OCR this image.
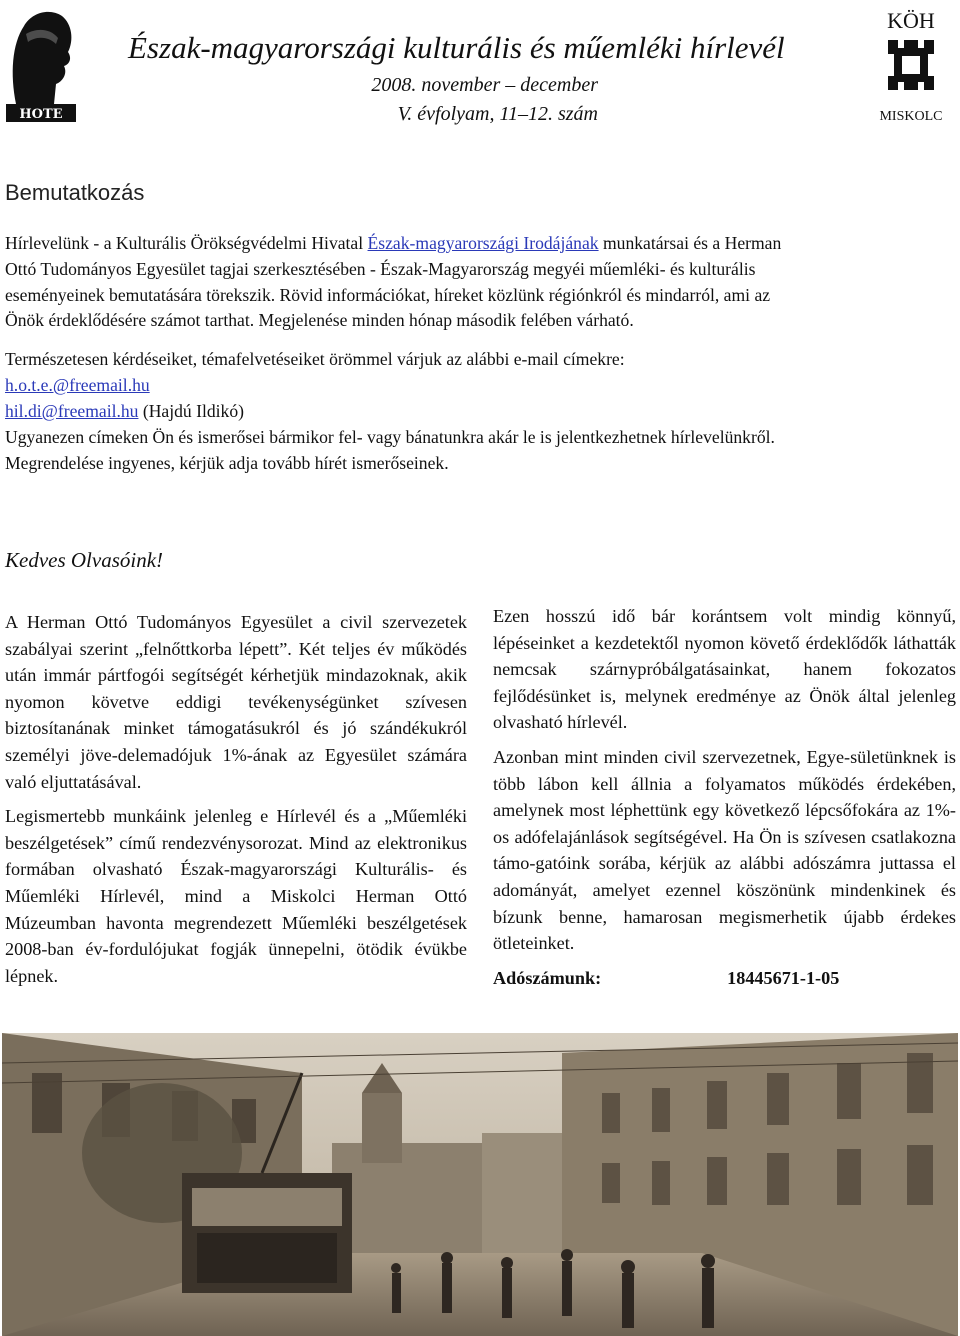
HOTE
Észak-magyarországi kulturális és műemléki hírlevél
2008. november – december
V. évfolyam, 11–12. szám
KÖH
MISKOLC
Bemutatkozás
Hírlevelünk - a Kulturális Örökségvédelmi Hivatal Észak-magyarországi Irodájának munkatársai és a Herman
Ottó Tudományos Egyesület tagjai szerkesztésében - Észak-Magyarország megyéi műemléki- és kulturális
eseményeinek bemutatására törekszik. Rövid információkat, híreket közlünk régiónkról és mindarról, ami az
Önök érdeklődésére számot tarthat. Megjelenése minden hónap második felében várható.
Természetesen kérdéseiket, témafelvetéseiket örömmel várjuk az alábbi e-mail címekre:
h.o.t.e.@freemail.hu
hil.di@freemail.hu (Hajdú Ildikó)
Ugyanezen címeken Ön és ismerősei bármikor fel- vagy bánatunkra akár le is jelentkezhetnek hírlevelünkről.
Megrendelése ingyenes, kérjük adja tovább hírét ismerőseinek.
Kedves Olvasóink!

A Herman Ottó Tudományos Egyesület a civil szervezetek szabályai szerint „felnőttkorba lépett”. Két teljes év működés után immár pártfogói segítségét kérhetjük mindazoknak, akik nyomon követve eddigi tevékenységünket szívesen biztosítanának minket támogatásukról és jó szándékukról személyi jöve-delemadójuk 1%-ának az Egyesület számára való eljuttatásával.

Legismertebb munkáink jelenleg e Hírlevél és a „Műemléki beszélgetések” című rendezvénysorozat. Mind az elektronikus formában olvasható Észak-magyarországi Kulturális- és Műemléki Hírlevél, mind a Miskolci Herman Ottó Múzeumban havonta megrendezett Műemléki beszélgetések 2008-ban év-fordulójukat fogják ünnepelni, ötödik évükbe lépnek.

Ezen hosszú idő bár korántsem volt mindig könnyű, lépéseinket a kezdetektől nyomon követő érdeklődők láthatták nemcsak szárnypróbálgatásainkat, hanem fokozatos fejlődésünket is, melynek eredménye az Önök által jelenleg olvasható hírlevél.

Azonban mint minden civil szervezetnek, Egye-sületünknek is több lábon kell állnia a folyamatos működés érdekében, amelynek most léphettünk egy következő lépcsőfokára az 1%-os adófelajánlások segítségével. Ha Ön is szívesen csatlakozna támo-gatóink sorába, kérjük az alábbi adószámra juttassa el adományát, amelyet ezennel köszönünk mindenkinek és bízunk benne, hamarosan megismerhetik újabb érdekes ötleteinket.

Adószámunk:	18445671-1-05
